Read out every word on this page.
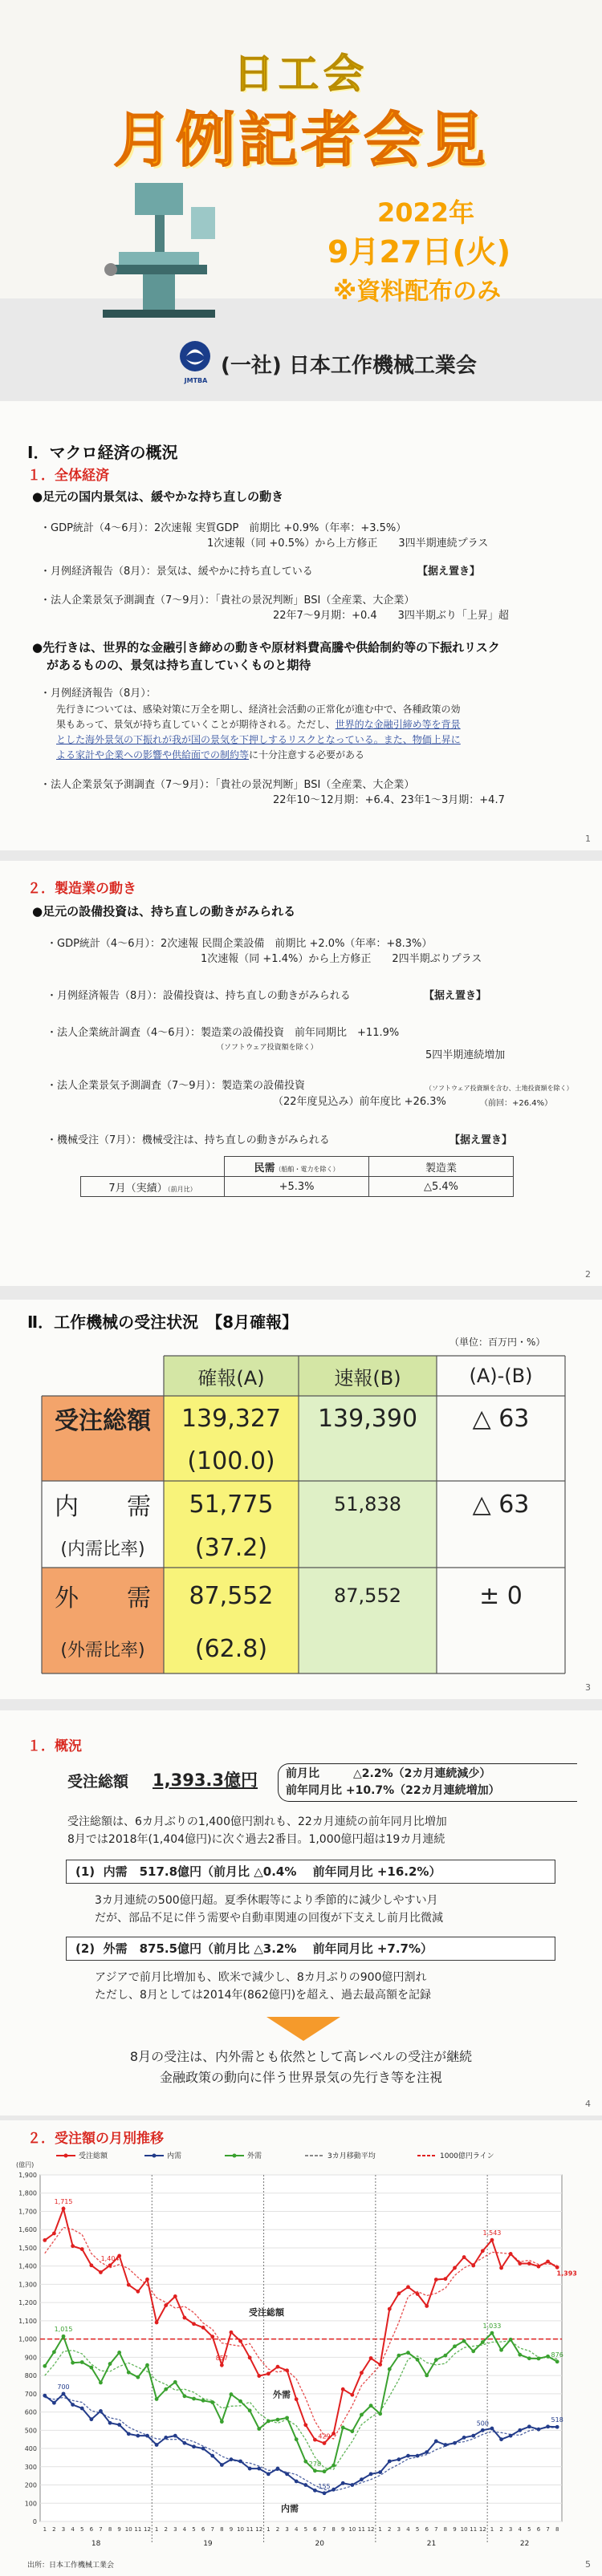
日工会
月例記者会見
2022年
9月27日(火)
※資料配布のみ
JMTBA
(一社) 日本工作機械工業会
Ⅰ．マクロ経済の概況
１．全体経済
●足元の国内景気は、緩やかな持ち直しの動き
・GDP統計（4～6月）：2次速報 実質GDP　前期比 +0.9%（年率：+3.5%）
1次速報（同 +0.5%）から上方修正　　3四半期連続プラス
・月例経済報告（8月）：景気は、緩やかに持ち直している	【据え置き】
・法人企業景気予測調査（7～9月）：「貴社の景況判断」BSI（全産業、大企業）
22年7～9月期：+0.4　　3四半期ぶり「上昇」超
●先行きは、世界的な金融引き締めの動きや原材料費高騰や供給制約等の下振れリスク
があるものの、景気は持ち直していくものと期待
・月例経済報告（8月）：
先行きについては、感染対策に万全を期し、経済社会活動の正常化が進む中で、各種政策の効
果もあって、景気が持ち直していくことが期待される。ただし、世界的な金融引締め等を背景
とした海外景気の下振れが我が国の景気を下押しするリスクとなっている。また、物価上昇に
よる家計や企業への影響や供給面での制約等に十分注意する必要がある
・法人企業景気予測調査（7～9月）：「貴社の景況判断」BSI（全産業、大企業）
22年10～12月期：+6.4、23年1～3月期：+4.7
1
２．製造業の動き
●足元の設備投資は、持ち直しの動きがみられる
・GDP統計（4～6月）：2次速報 民間企業設備　前期比 +2.0%（年率：+8.3%）
1次速報（同 +1.4%）から上方修正　　2四半期ぶりプラス
・月例経済報告（8月）：設備投資は、持ち直しの動きがみられる	【据え置き】
・法人企業統計調査（4～6月）：製造業の設備投資　前年同期比　+11.9%
（ソフトウェア投資額を除く）
5四半期連続増加
・法人企業景気予測調査（7～9月）：製造業の設備投資	（ソフトウェア投資額を含む、土地投資額を除く）
（22年度見込み）前年度比 +26.3%	（前回：+26.4%）
・機械受注（7月）：機械受注は、持ち直しの動きがみられる	【据え置き】
	民需（船舶・電力を除く）	製造業
7月（実績）（前月比）	+5.3%	△5.4%
2
Ⅱ．工作機械の受注状況　【8月確報】
（単位：百万円・%）
確報(A)	速報(B)	(A)-(B)
受注総額	139,327	139,390	△ 63
(100.0)
内　　需	51,775	51,838	△ 63
(内需比率)	(37.2)
外　　需	87,552	87,552	± 0
(外需比率)	(62.8)
3
１．概況
受注総額 1,393.3億円 前月比　　　△2.2%（2カ月連続減少）
前年同月比 +10.7%（22カ月連続増加）
受注総額は、6カ月ぶりの1,400億円割れも、22カ月連続の前年同月比増加
8月では2018年(1,404億円)に次ぐ過去2番目。1,000億円超は19カ月連続
(1)  内需　517.8億円（前月比 △0.4%　 前年同月比 +16.2%）
3カ月連続の500億円超。夏季休暇等により季節的に減少しやすい月
だが、部品不足に伴う需要や自動車関連の回復が下支えし前月比微減
(2)  外需　875.5億円（前月比 △3.2%　 前年同月比 +7.7%）
アジアで前月比増加も、欧米で減少し、8カ月ぶりの900億円割れ
ただし、8月としては2014年(862億円)を超え、過去最高額を記録
8月の受注は、内外需とも依然として高レベルの受注が継続
金融政策の動向に伴う世界景気の先行き等を注視
4
２．受注額の月別推移
0
100
200
300
400
500
600
700
800
900
1,000
1,100
1,200
1,300
1,400
1,500
1,600
1,700
1,800
1,900
(億円)
18	19	20	21	22
1 2 3 4 5 6 7 8 9 10 11 12 1 2 3 4 5 6 7 8 9 10 11 12 1 2 3 4 5 6 7 8 9 10 11 12 1 2 3 4 5 6 7 8 9 10 11 12 1 2 3 4 5 6 7 8
1,715
1,404
857
429
1,543
1,393
1,015
278
1,033
876
700
155
500	518
受注総額
外需
内需
受注総額	内需	外需	3カ月移動平均	1000億円ライン
出所：日本工作機械工業会	5
